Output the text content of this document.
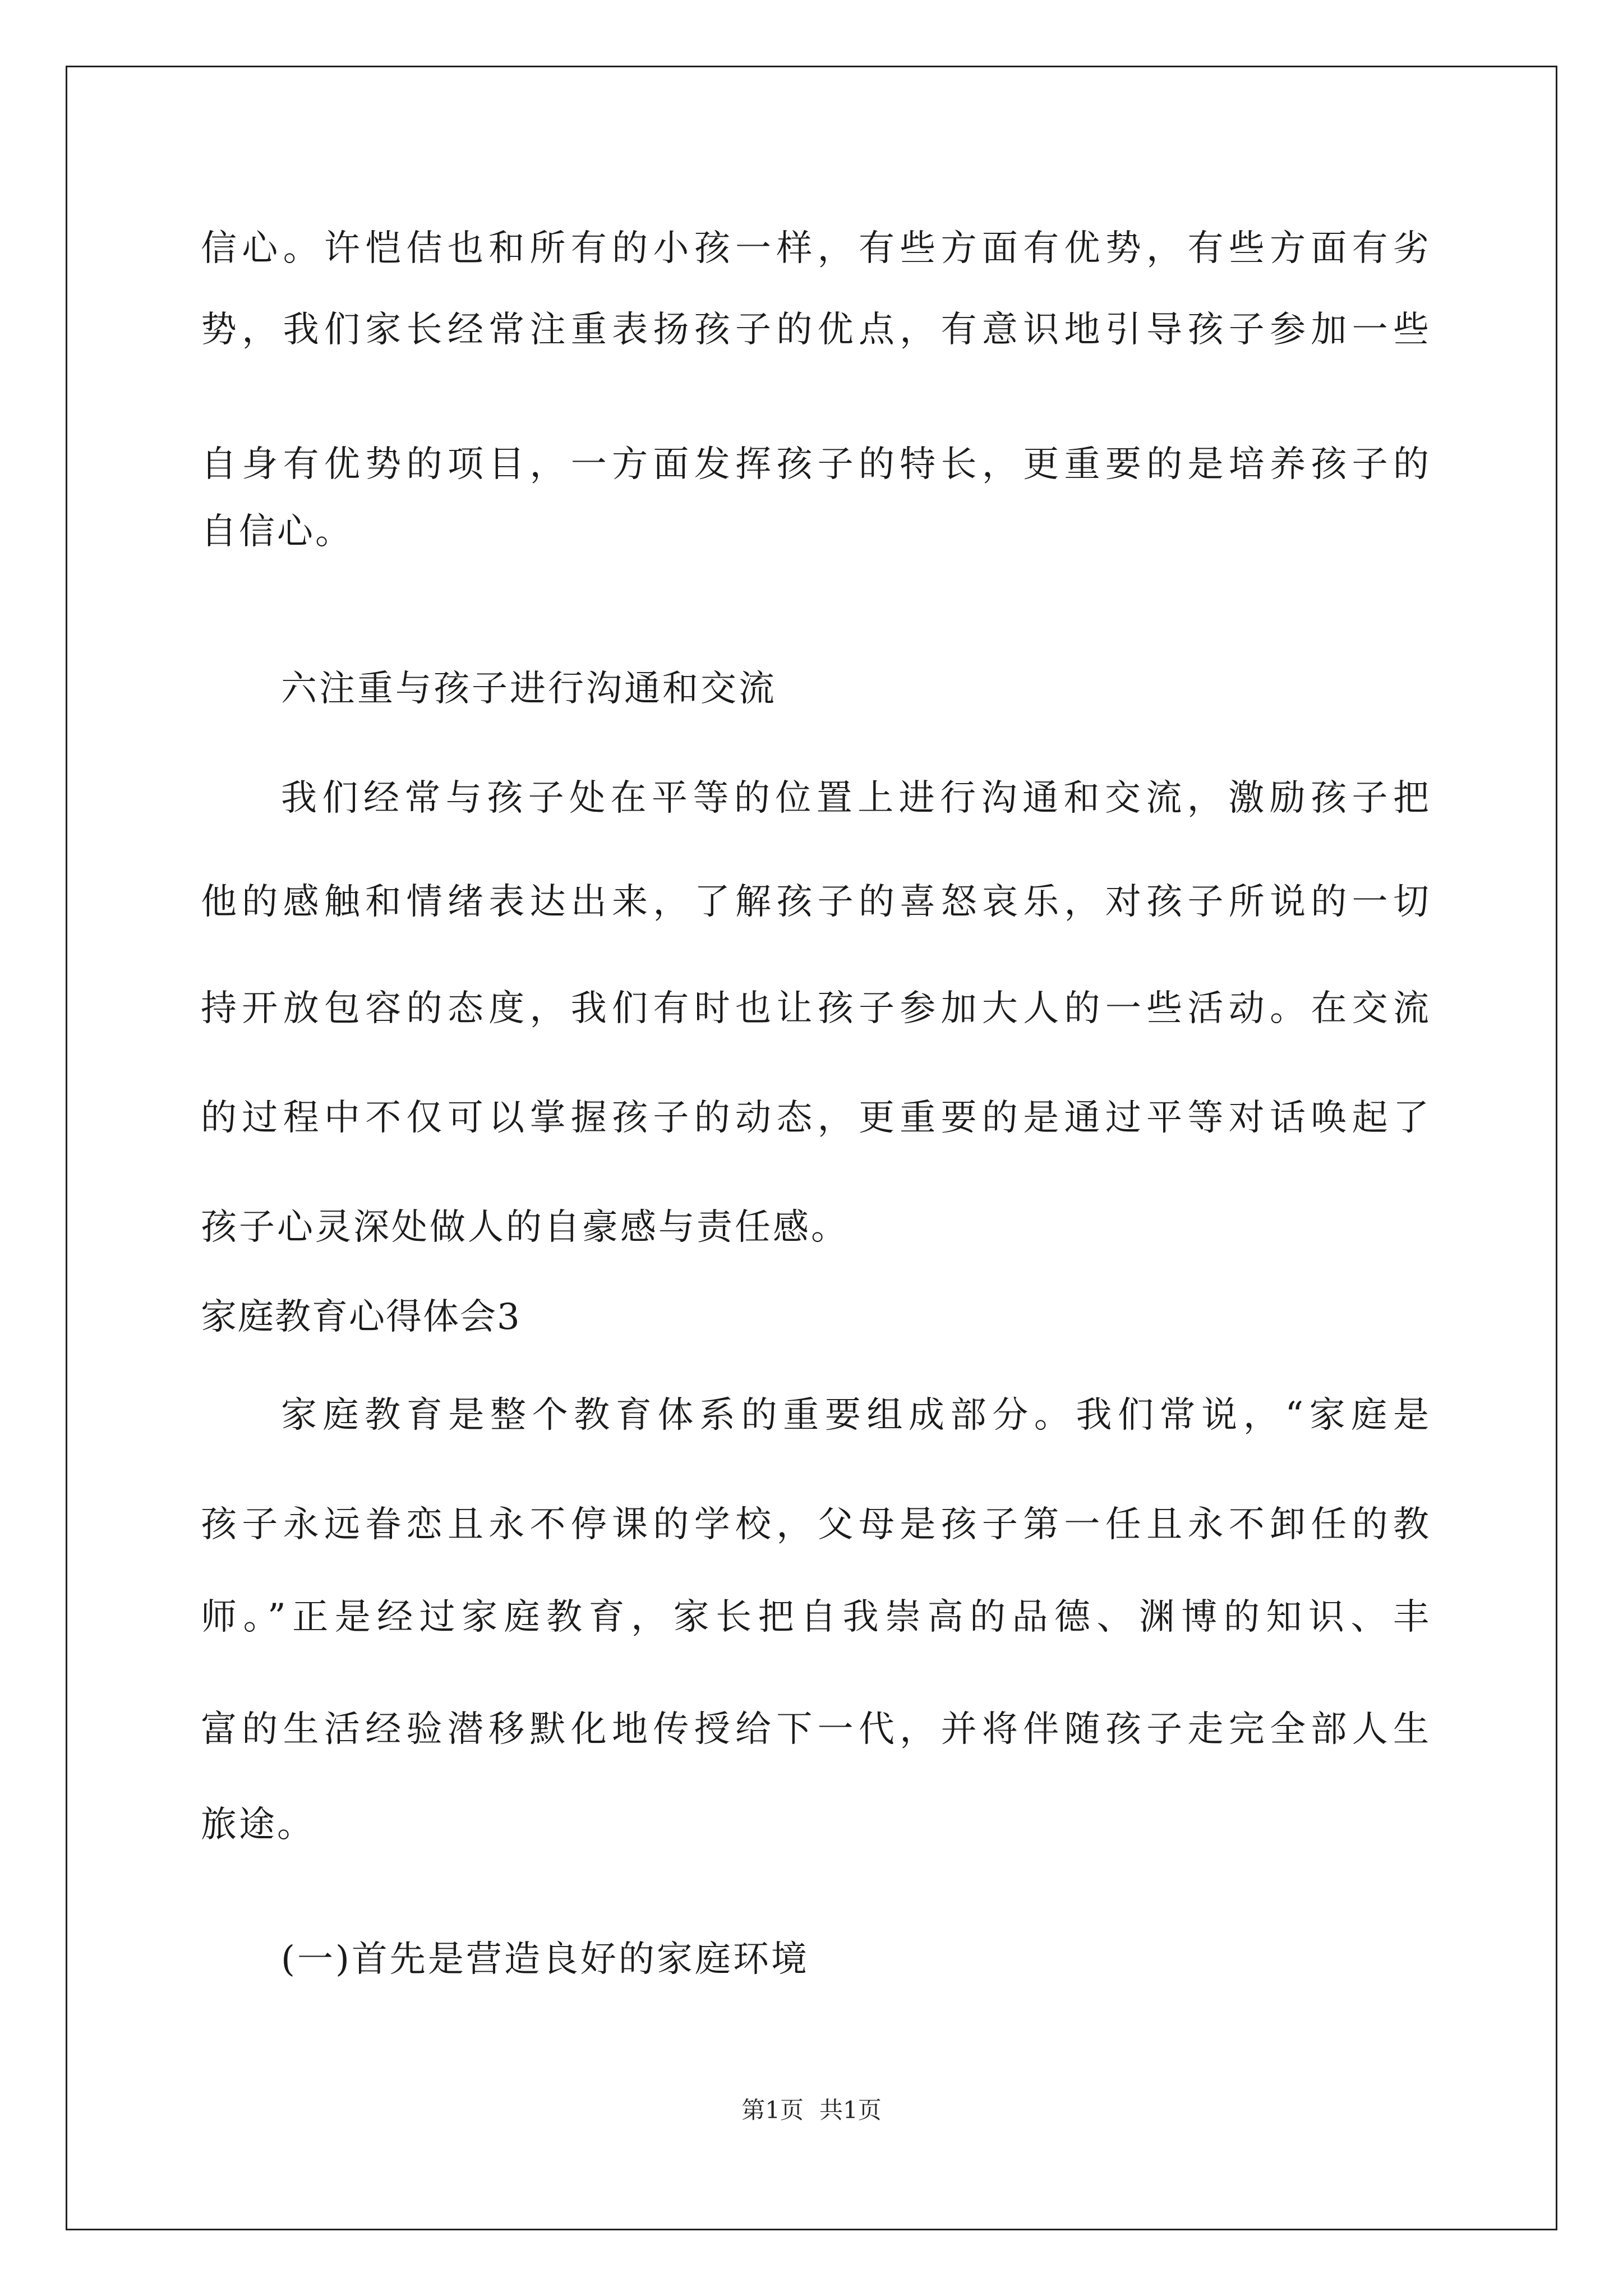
信心。许恺佶也和所有的小孩一样，有些方面有优势，有些方面有劣
势，我们家长经常注重表扬孩子的优点，有意识地引导孩子参加一些
自身有优势的项目，一方面发挥孩子的特长，更重要的是培养孩子的
自信心。
六注重与孩子进行沟通和交流
我们经常与孩子处在平等的位置上进行沟通和交流，激励孩子把
他的感触和情绪表达出来，了解孩子的喜怒哀乐，对孩子所说的一切
持开放包容的态度，我们有时也让孩子参加大人的一些活动。在交流
的过程中不仅可以掌握孩子的动态，更重要的是通过平等对话唤起了
孩子心灵深处做人的自豪感与责任感。
家庭教育心得体会3
家庭教育是整个教育体系的重要组成部分。我们常说，“家庭是
孩子永远眷恋且永不停课的学校，父母是孩子第一任且永不卸任的教
师。”正是经过家庭教育，家长把自我崇高的品德、渊博的知识、丰
富的生活经验潜移默化地传授给下一代，并将伴随孩子走完全部人生
旅途。
(一)首先是营造良好的家庭环境
第1页 共1页
